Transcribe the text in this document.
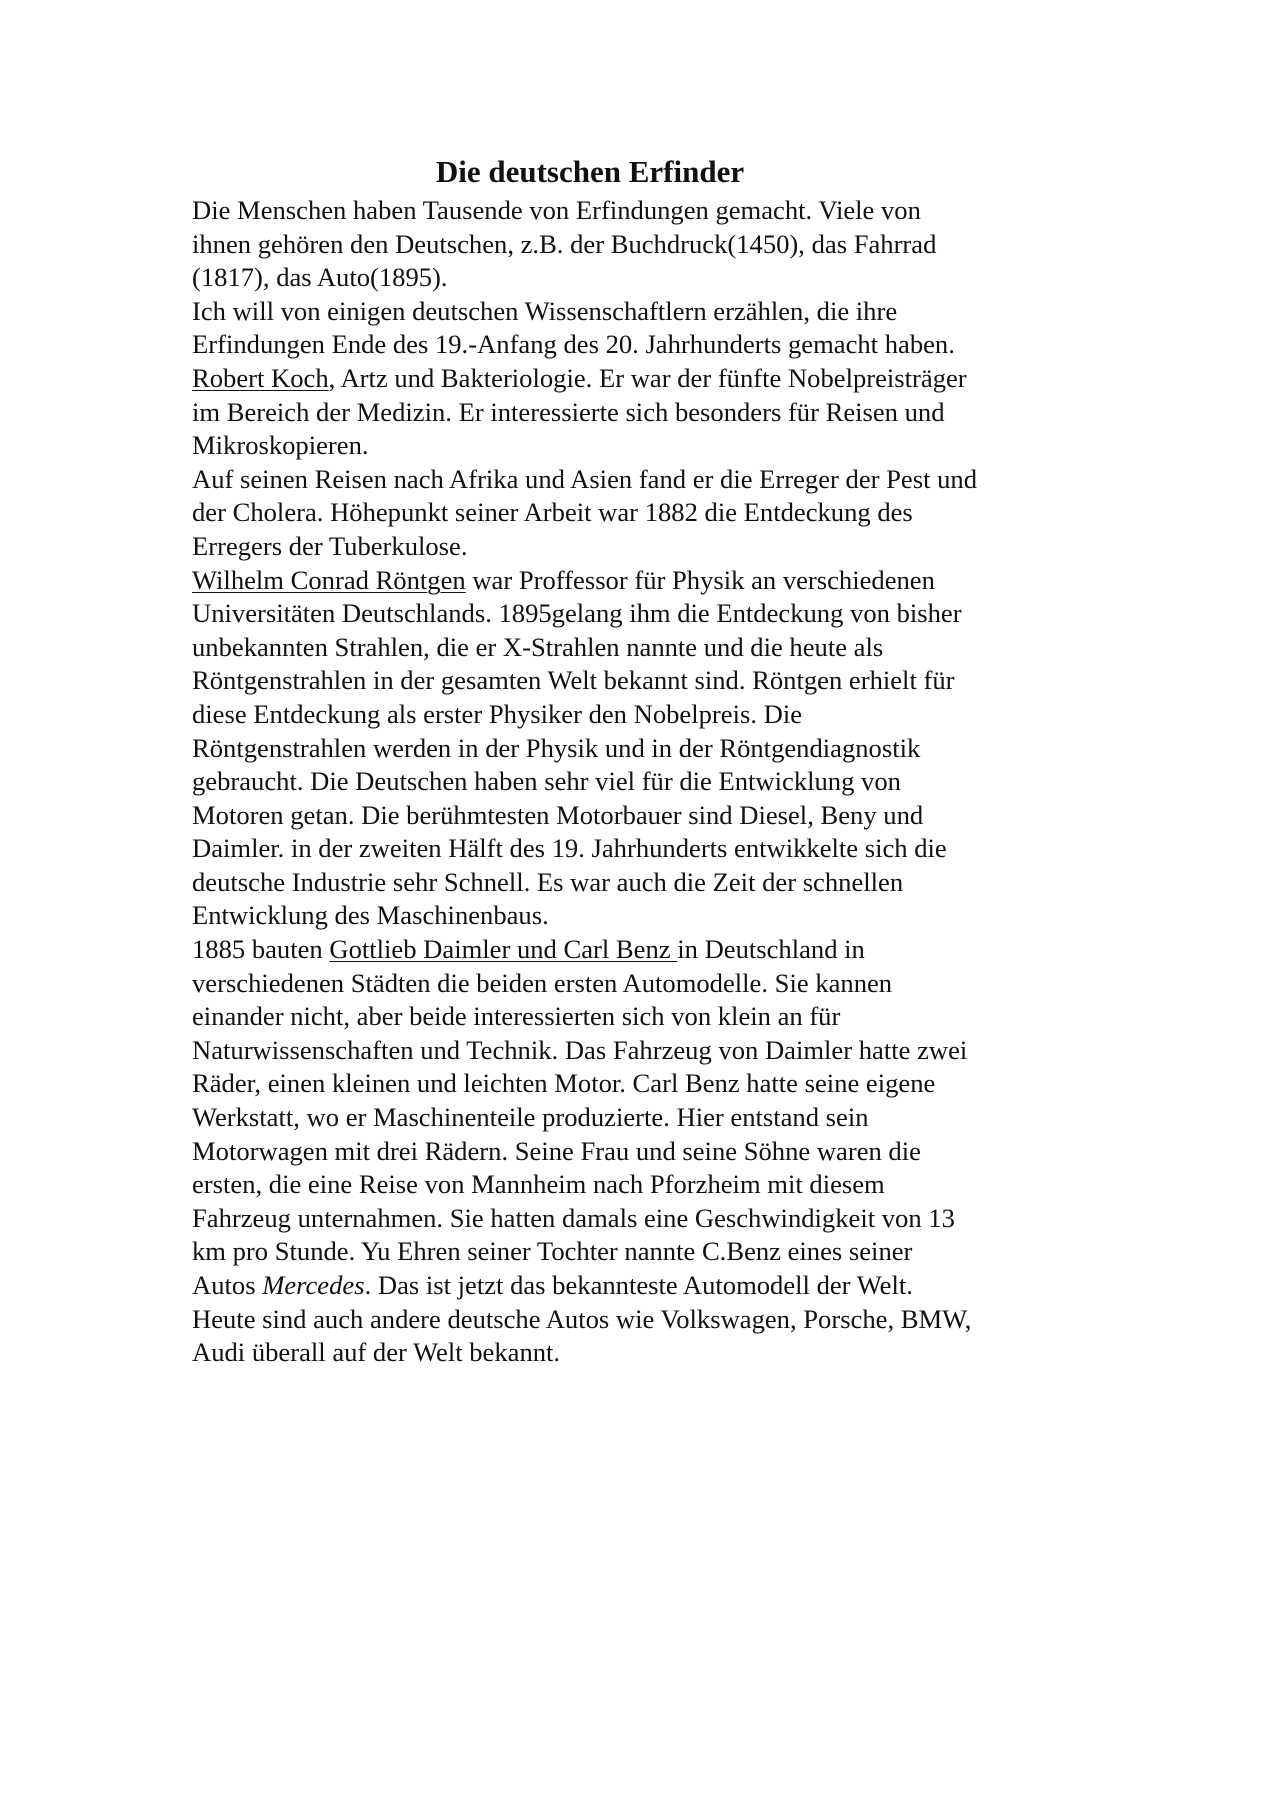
Die deutschen Erfinder
Die Menschen haben Tausende von Erfindungen gemacht. Viele von
ihnen gehören den Deutschen, z.B. der Buchdruck(1450), das Fahrrad
(1817), das Auto(1895).
Ich will von einigen deutschen Wissenschaftlern erzählen, die ihre
Erfindungen Ende des 19.-Anfang des 20. Jahrhunderts gemacht haben.
Robert Koch, Artz und Bakteriologie. Er war der fünfte Nobelpreisträger
im Bereich der Medizin. Er interessierte sich besonders für Reisen und
Mikroskopieren.
Auf seinen Reisen nach Afrika und Asien fand er die Erreger der Pest und
der Cholera. Höhepunkt seiner Arbeit war 1882 die Entdeckung des
Erregers der Tuberkulose.
Wilhelm Conrad Röntgen war Proffessor für Physik an verschiedenen
Universitäten Deutschlands. 1895gelang ihm die Entdeckung von bisher
unbekannten Strahlen, die er X-Strahlen nannte und die heute als
Röntgenstrahlen in der gesamten Welt bekannt sind. Röntgen erhielt für
diese Entdeckung als erster Physiker den Nobelpreis. Die
Röntgenstrahlen werden in der Physik und in der Röntgendiagnostik
gebraucht. Die Deutschen haben sehr viel für die Entwicklung von
Motoren getan. Die berühmtesten Motorbauer sind Diesel, Beny und
Daimler. in der zweiten Hälft des 19. Jahrhunderts entwikkelte sich die
deutsche Industrie sehr Schnell. Es war auch die Zeit der schnellen
Entwicklung des Maschinenbaus.
1885 bauten Gottlieb Daimler und Carl Benz in Deutschland in
verschiedenen Städten die beiden ersten Automodelle. Sie kannen
einander nicht, aber beide interessierten sich von klein an für
Naturwissenschaften und Technik. Das Fahrzeug von Daimler hatte zwei
Räder, einen kleinen und leichten Motor. Carl Benz hatte seine eigene
Werkstatt, wo er Maschinenteile produzierte. Hier entstand sein
Motorwagen mit drei Rädern. Seine Frau und seine Söhne waren die
ersten, die eine Reise von Mannheim nach Pforzheim mit diesem
Fahrzeug unternahmen. Sie hatten damals eine Geschwindigkeit von 13
km pro Stunde. Yu Ehren seiner Tochter nannte C.Benz eines seiner
Autos Mercedes. Das ist jetzt das bekannteste Automodell der Welt.
Heute sind auch andere deutsche Autos wie Volkswagen, Porsche, BMW,
Audi überall auf der Welt bekannt.
